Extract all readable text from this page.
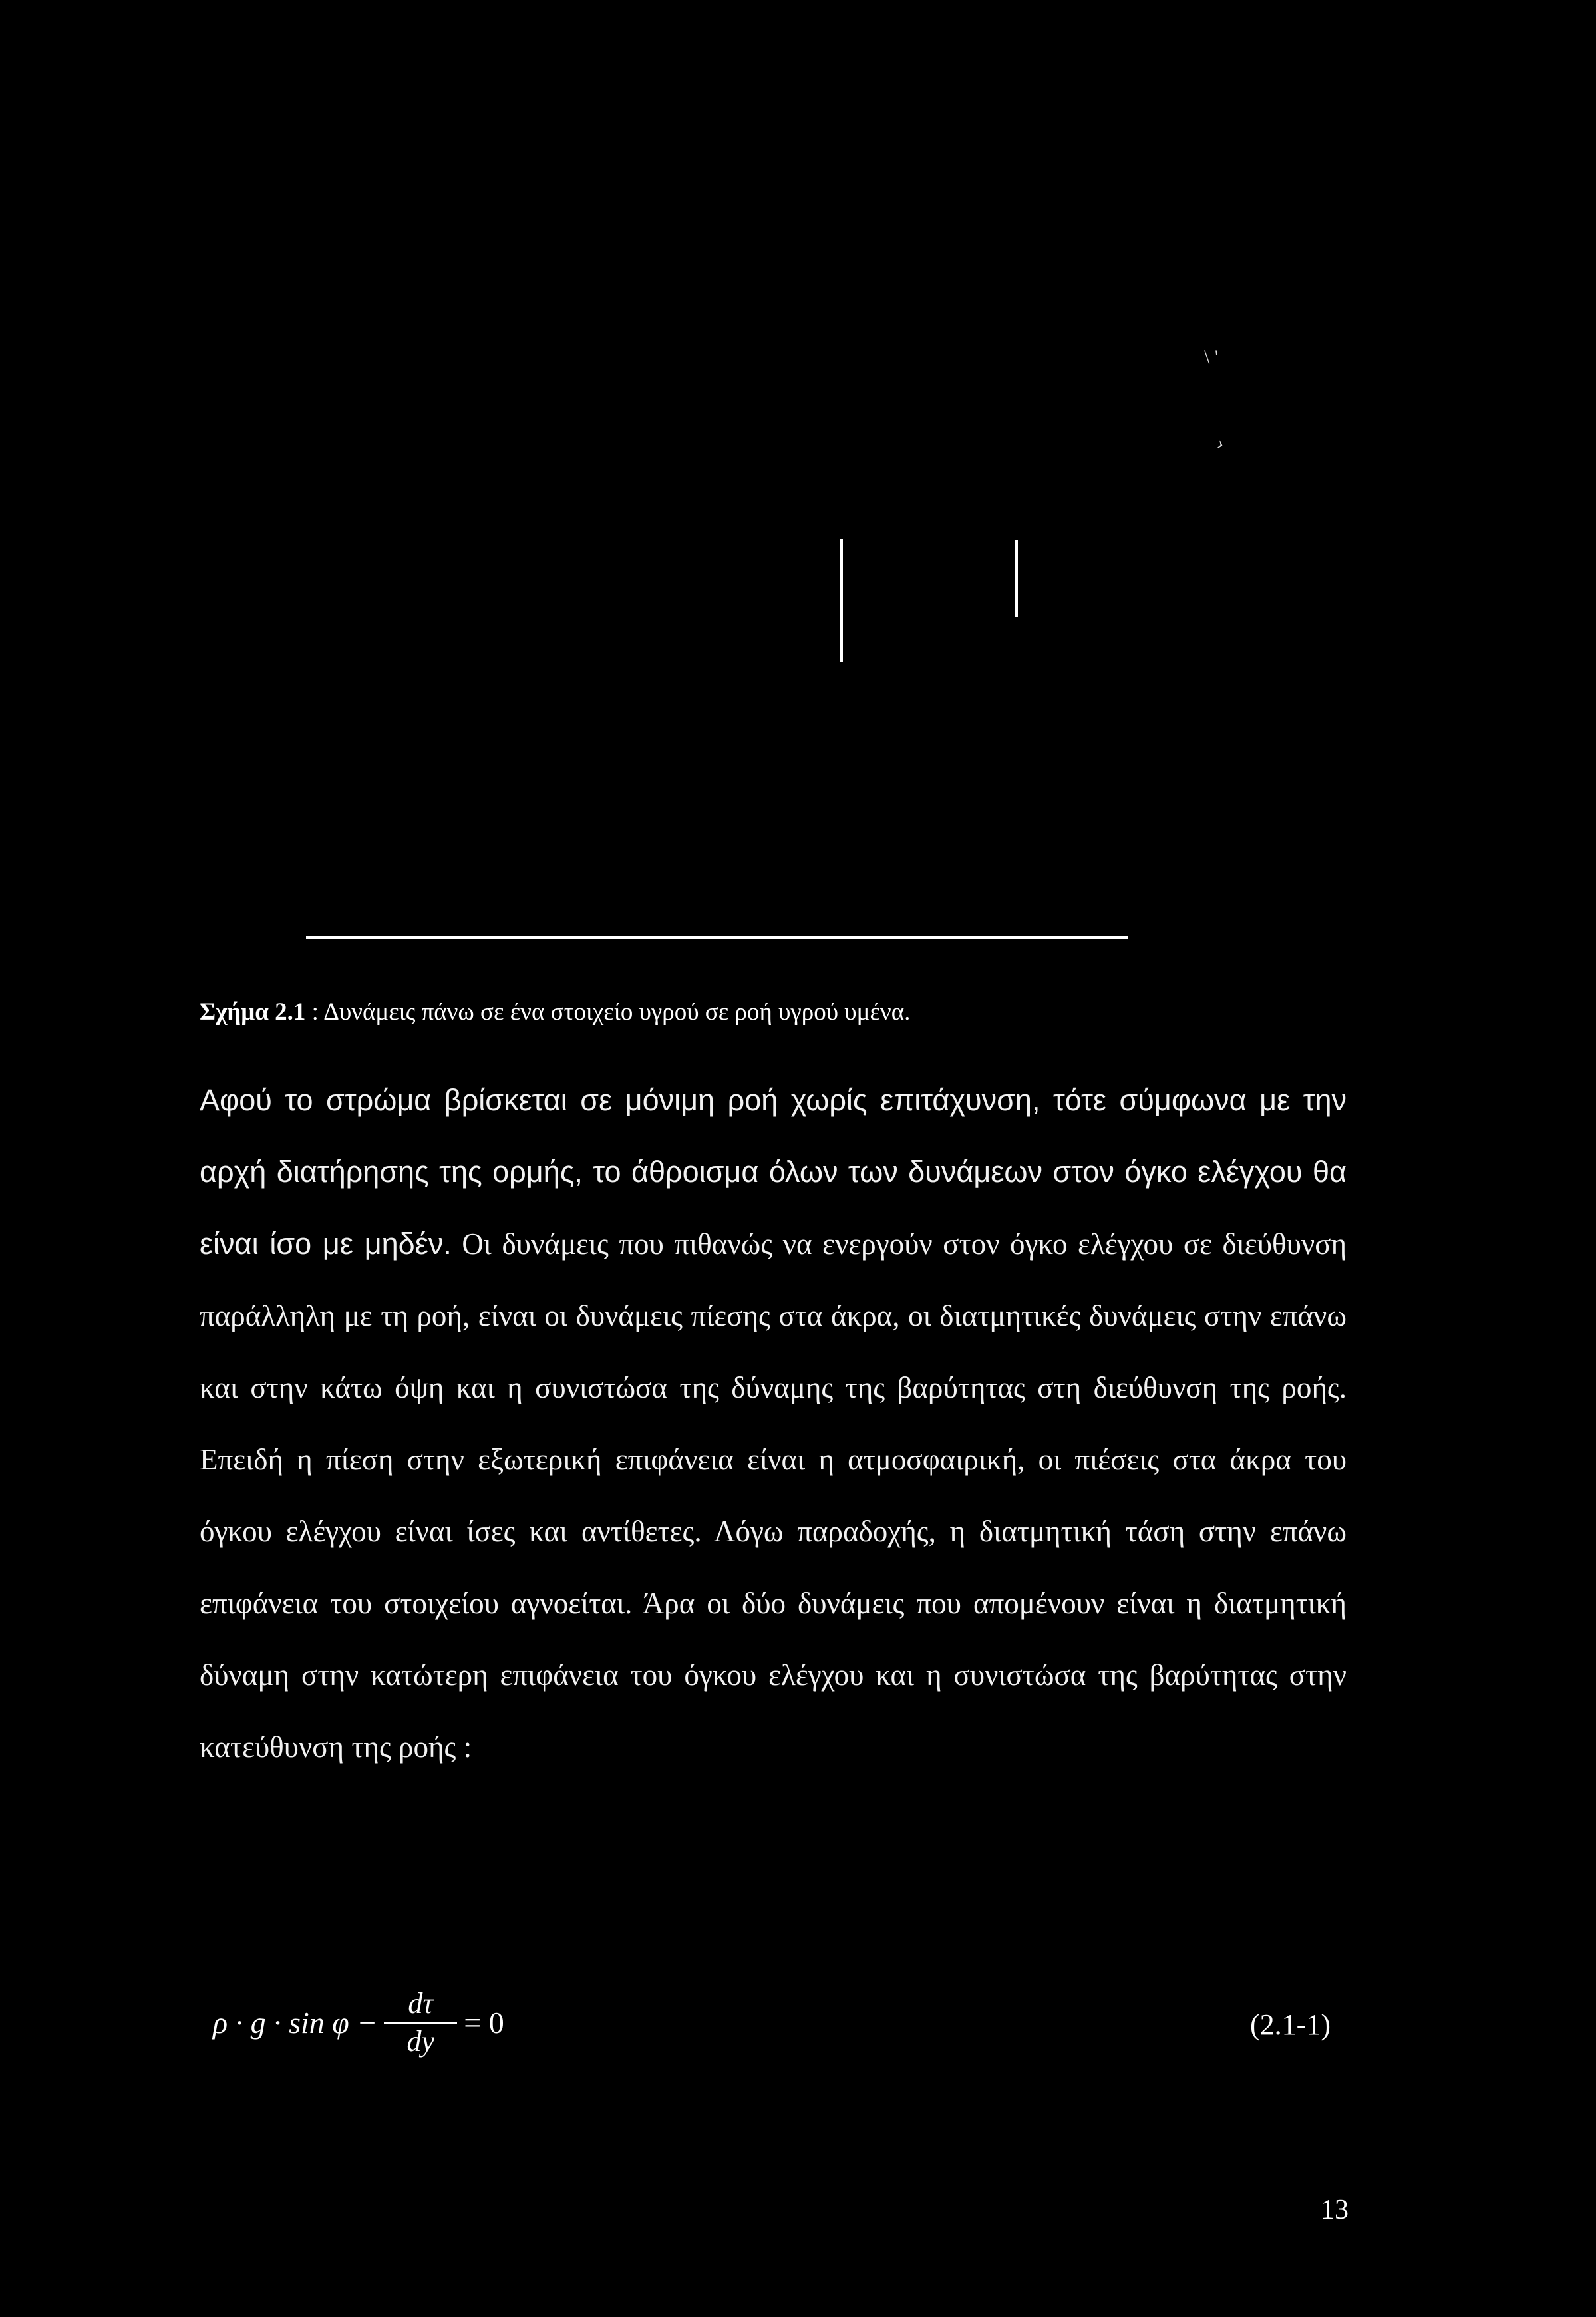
\ '
›
Σχήμα 2.1 : Δυνάμεις πάνω σε ένα στοιχείο υγρού σε ροή υγρού υμένα.
Αφού το στρώμα βρίσκεται σε μόνιμη ροή χωρίς επιτάχυνση, τότε σύμφωνα με την αρχή διατήρησης της ορμής, το άθροισμα όλων των δυνάμεων στον όγκο ελέγχου θα είναι ίσο με μηδέν. Οι δυνάμεις που πιθανώς να ενεργούν στον όγκο ελέγχου σε διεύθυνση παράλληλη με τη ροή, είναι οι δυνάμεις πίεσης στα άκρα, οι διατμητικές δυνάμεις στην επάνω και στην κάτω όψη και η συνιστώσα της δύναμης της βαρύτητας στη διεύθυνση της ροής. Επειδή η πίεση στην εξωτερική επιφάνεια είναι η ατμοσφαιρική, οι πιέσεις στα άκρα του όγκου ελέγχου είναι ίσες και αντίθετες. Λόγω παραδοχής, η διατμητική τάση στην επάνω επιφάνεια του στοιχείου αγνοείται. Άρα οι δύο δυνάμεις που απομένουν είναι η διατμητική δύναμη στην κατώτερη επιφάνεια του όγκου ελέγχου και η συνιστώσα της βαρύτητας στην κατεύθυνση της ροής :
$\rho \cdot g \cdot \sin \varphi - \frac{d\tau}{dy} = 0$	(2.1-1)
13
